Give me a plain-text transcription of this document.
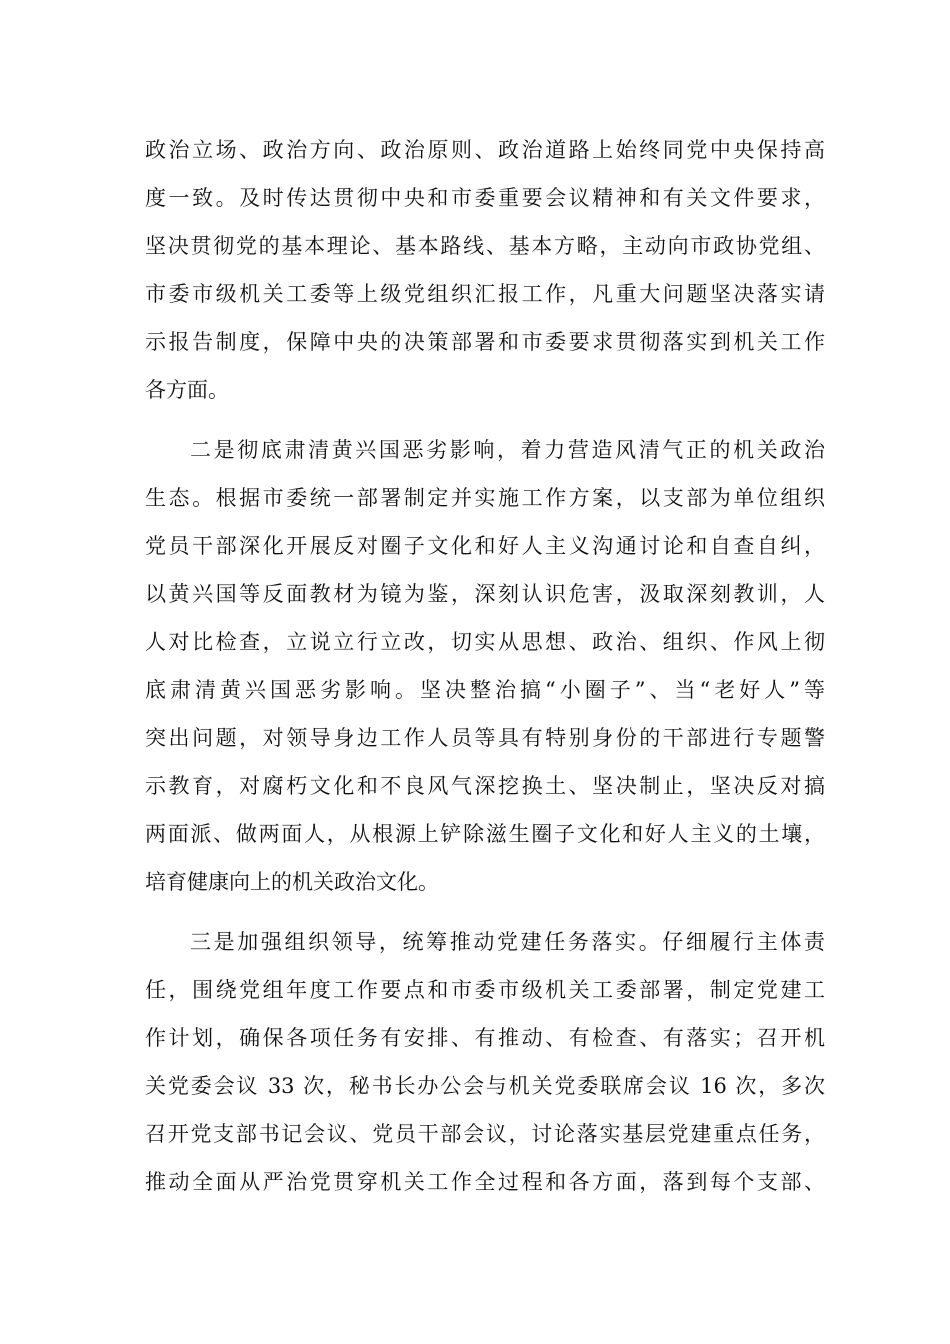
政治立场、政治方向、政治原则、政治道路上始终同党中央保持高
度一致。及时传达贯彻中央和市委重要会议精神和有关文件要求，
坚决贯彻党的基本理论、基本路线、基本方略，主动向市政协党组、
市委市级机关工委等上级党组织汇报工作，凡重大问题坚决落实请
示报告制度，保障中央的决策部署和市委要求贯彻落实到机关工作
各方面。
二是彻底肃清黄兴国恶劣影响，着力营造风清气正的机关政治
生态。根据市委统一部署制定并实施工作方案，以支部为单位组织
党员干部深化开展反对圈子文化和好人主义沟通讨论和自查自纠，
以黄兴国等反面教材为镜为鉴，深刻认识危害，汲取深刻教训，人
人对比检查，立说立行立改，切实从思想、政治、组织、作风上彻
底肃清黄兴国恶劣影响。坚决整治搞“小圈子”、当“老好人”等
突出问题，对领导身边工作人员等具有特别身份的干部进行专题警
示教育，对腐朽文化和不良风气深挖换土、坚决制止，坚决反对搞
两面派、做两面人，从根源上铲除滋生圈子文化和好人主义的土壤，
培育健康向上的机关政治文化。
三是加强组织领导，统筹推动党建任务落实。仔细履行主体责
任，围绕党组年度工作要点和市委市级机关工委部署，制定党建工
作计划，确保各项任务有安排、有推动、有检查、有落实；召开机
关党委会议 33 次，秘书长办公会与机关党委联席会议 16 次，多次
召开党支部书记会议、党员干部会议，讨论落实基层党建重点任务，
推动全面从严治党贯穿机关工作全过程和各方面，落到每个支部、
